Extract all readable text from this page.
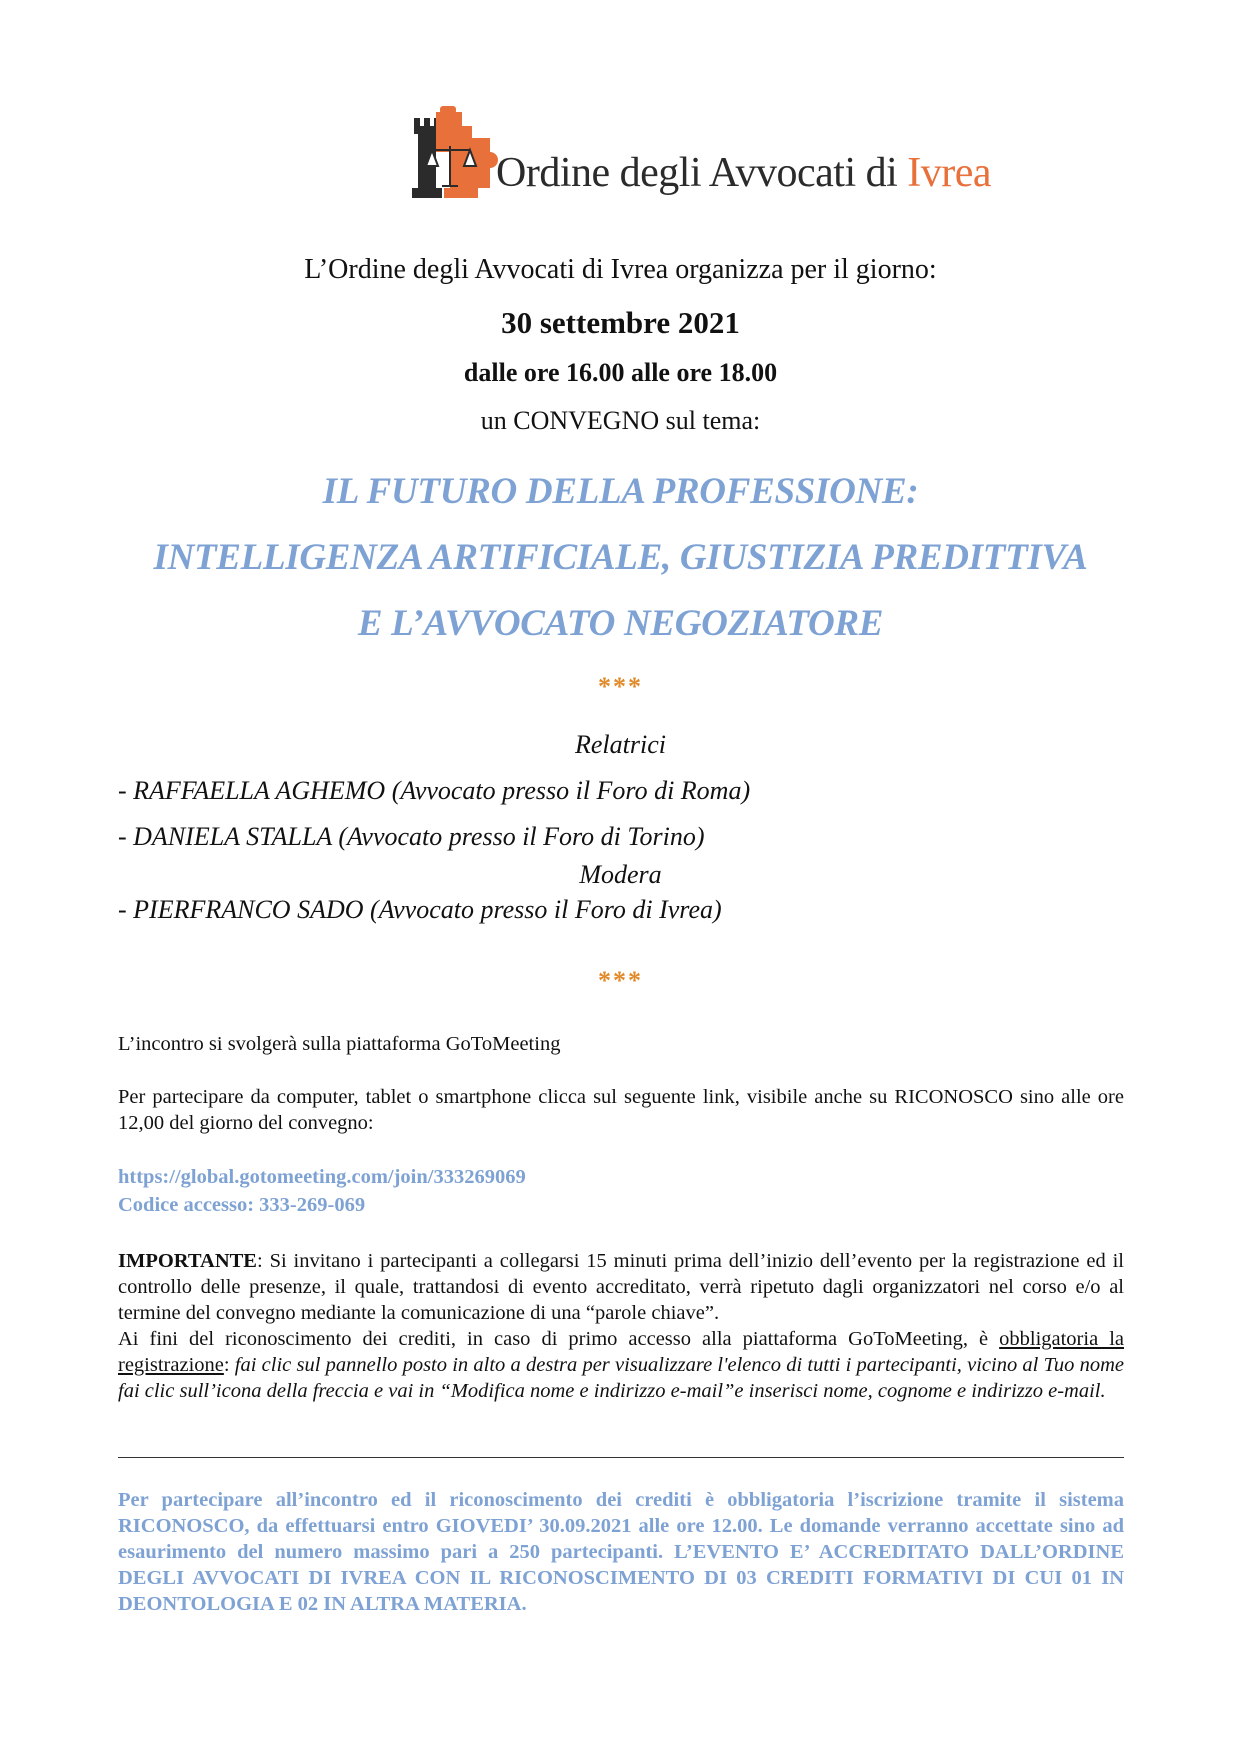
Ordine degli Avvocati di Ivrea
L’Ordine degli Avvocati di Ivrea organizza per il giorno:
30 settembre 2021
dalle ore 16.00 alle ore 18.00
un CONVEGNO sul tema:
IL FUTURO DELLA PROFESSIONE:
INTELLIGENZA ARTIFICIALE, GIUSTIZIA PREDITTIVA
E L’AVVOCATO NEGOZIATORE
***
Relatrici
- RAFFAELLA AGHEMO (Avvocato presso il Foro di Roma)
- DANIELA STALLA (Avvocato presso il Foro di Torino)
Modera
- PIERFRANCO SADO (Avvocato presso il Foro di Ivrea)
***
L’incontro si svolgerà sulla piattaforma GoToMeeting
Per partecipare da computer, tablet o smartphone clicca sul seguente link, visibile anche su RICONOSCO sino alle ore 12,00 del giorno del convegno:
https://global.gotomeeting.com/join/333269069
Codice accesso: 333-269-069
IMPORTANTE: Si invitano i partecipanti a collegarsi 15 minuti prima dell’inizio dell’evento per la registrazione ed il controllo delle presenze, il quale, trattandosi di evento accreditato, verrà ripetuto dagli organizzatori nel corso e/o al termine del convegno mediante la comunicazione di una “parole chiave”.
Ai fini del riconoscimento dei crediti, in caso di primo accesso alla piattaforma GoToMeeting, è obbligatoria la registrazione: fai clic sul pannello posto in alto a destra per visualizzare l'elenco di tutti i partecipanti, vicino al Tuo nome fai clic sull’icona della freccia e vai in “Modifica nome e indirizzo e-mail”e inserisci nome, cognome e indirizzo e-mail.
Per partecipare all’incontro ed il riconoscimento dei crediti è obbligatoria l’iscrizione tramite il sistema RICONOSCO, da effettuarsi entro GIOVEDI’ 30.09.2021 alle ore 12.00. Le domande verranno accettate sino ad esaurimento del numero massimo pari a 250 partecipanti. L’EVENTO E’ ACCREDITATO DALL’ORDINE DEGLI AVVOCATI DI IVREA CON IL RICONOSCIMENTO DI 03 CREDITI FORMATIVI DI CUI 01 IN DEONTOLOGIA E 02 IN ALTRA MATERIA.
